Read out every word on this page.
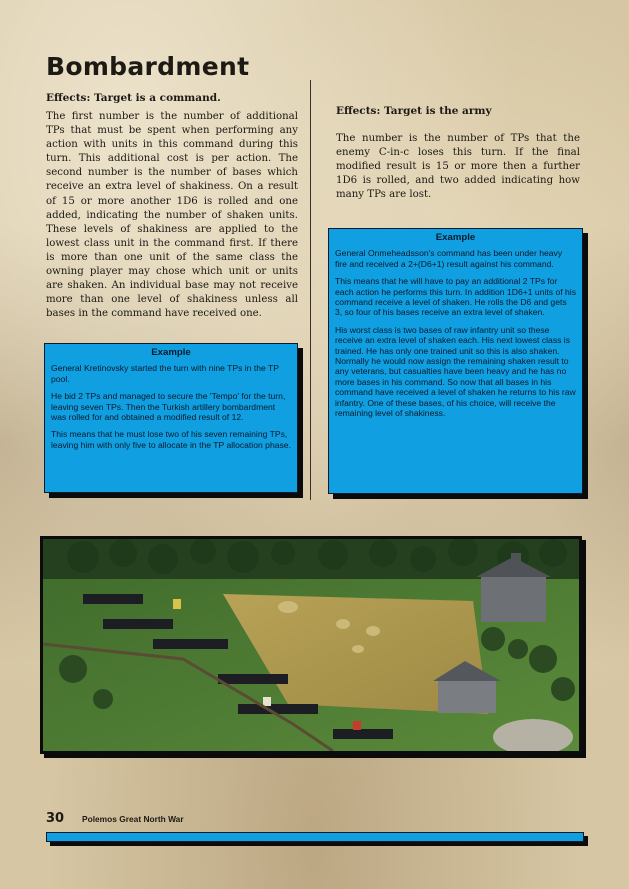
Bombardment
Effects: Target is a command.
The first number is the number of additional TPs that must be spent when performing any action with units in this command during this turn. This additional cost is per action. The second number is the number of bases which receive an extra level of shakiness. On a result of 15 or more another 1D6 is rolled and one added, indicating the number of shaken units. These levels of shakiness are applied to the lowest class unit in the command first. If there is more than one unit of the same class the owning player may chose which unit or units are shaken. An individual base may not receive more than one level of shakiness unless all bases in the command have received one.
Effects: Target is the army
The number is the number of TPs that the enemy C-in-c loses this turn. If the final modified result is 15 or more then a further 1D6 is rolled, and two added indicating how many TPs are lost.
Example

General Kretinovsky started the turn with nine TPs in the TP pool.

He bid 2 TPs and managed to secure the 'Tempo' for the turn, leaving seven TPs. Then the Turkish artillery bombardment was rolled for and obtained a modified result of 12.

This means that he must lose two of his seven remaining TPs, leaving him with only five to allocate in the TP allocation phase.

Example

General Onmeheadsson's command has been under heavy fire and received a 2+(D6+1) result against his command.

This means that he will have to pay an additional 2 TPs for each action he performs this turn. In addition 1D6+1 units of his command receive a level of shaken. He rolls the D6 and gets 3, so four of his bases receive an extra level of shaken.

His worst class is two bases of raw infantry unit so these receive an extra level of shaken each. His next lowest class is trained. He has only one trained unit so this is also shaken. Normally he would now assign the remaining shaken result to any veterans, but casualties have been heavy and he has no more bases in his command. So now that all bases in his command have received a level of shaken he returns to his raw infantry. One of these bases, of his choice, will receive the remaining level of shakiness.

30 Polemos Great North War
